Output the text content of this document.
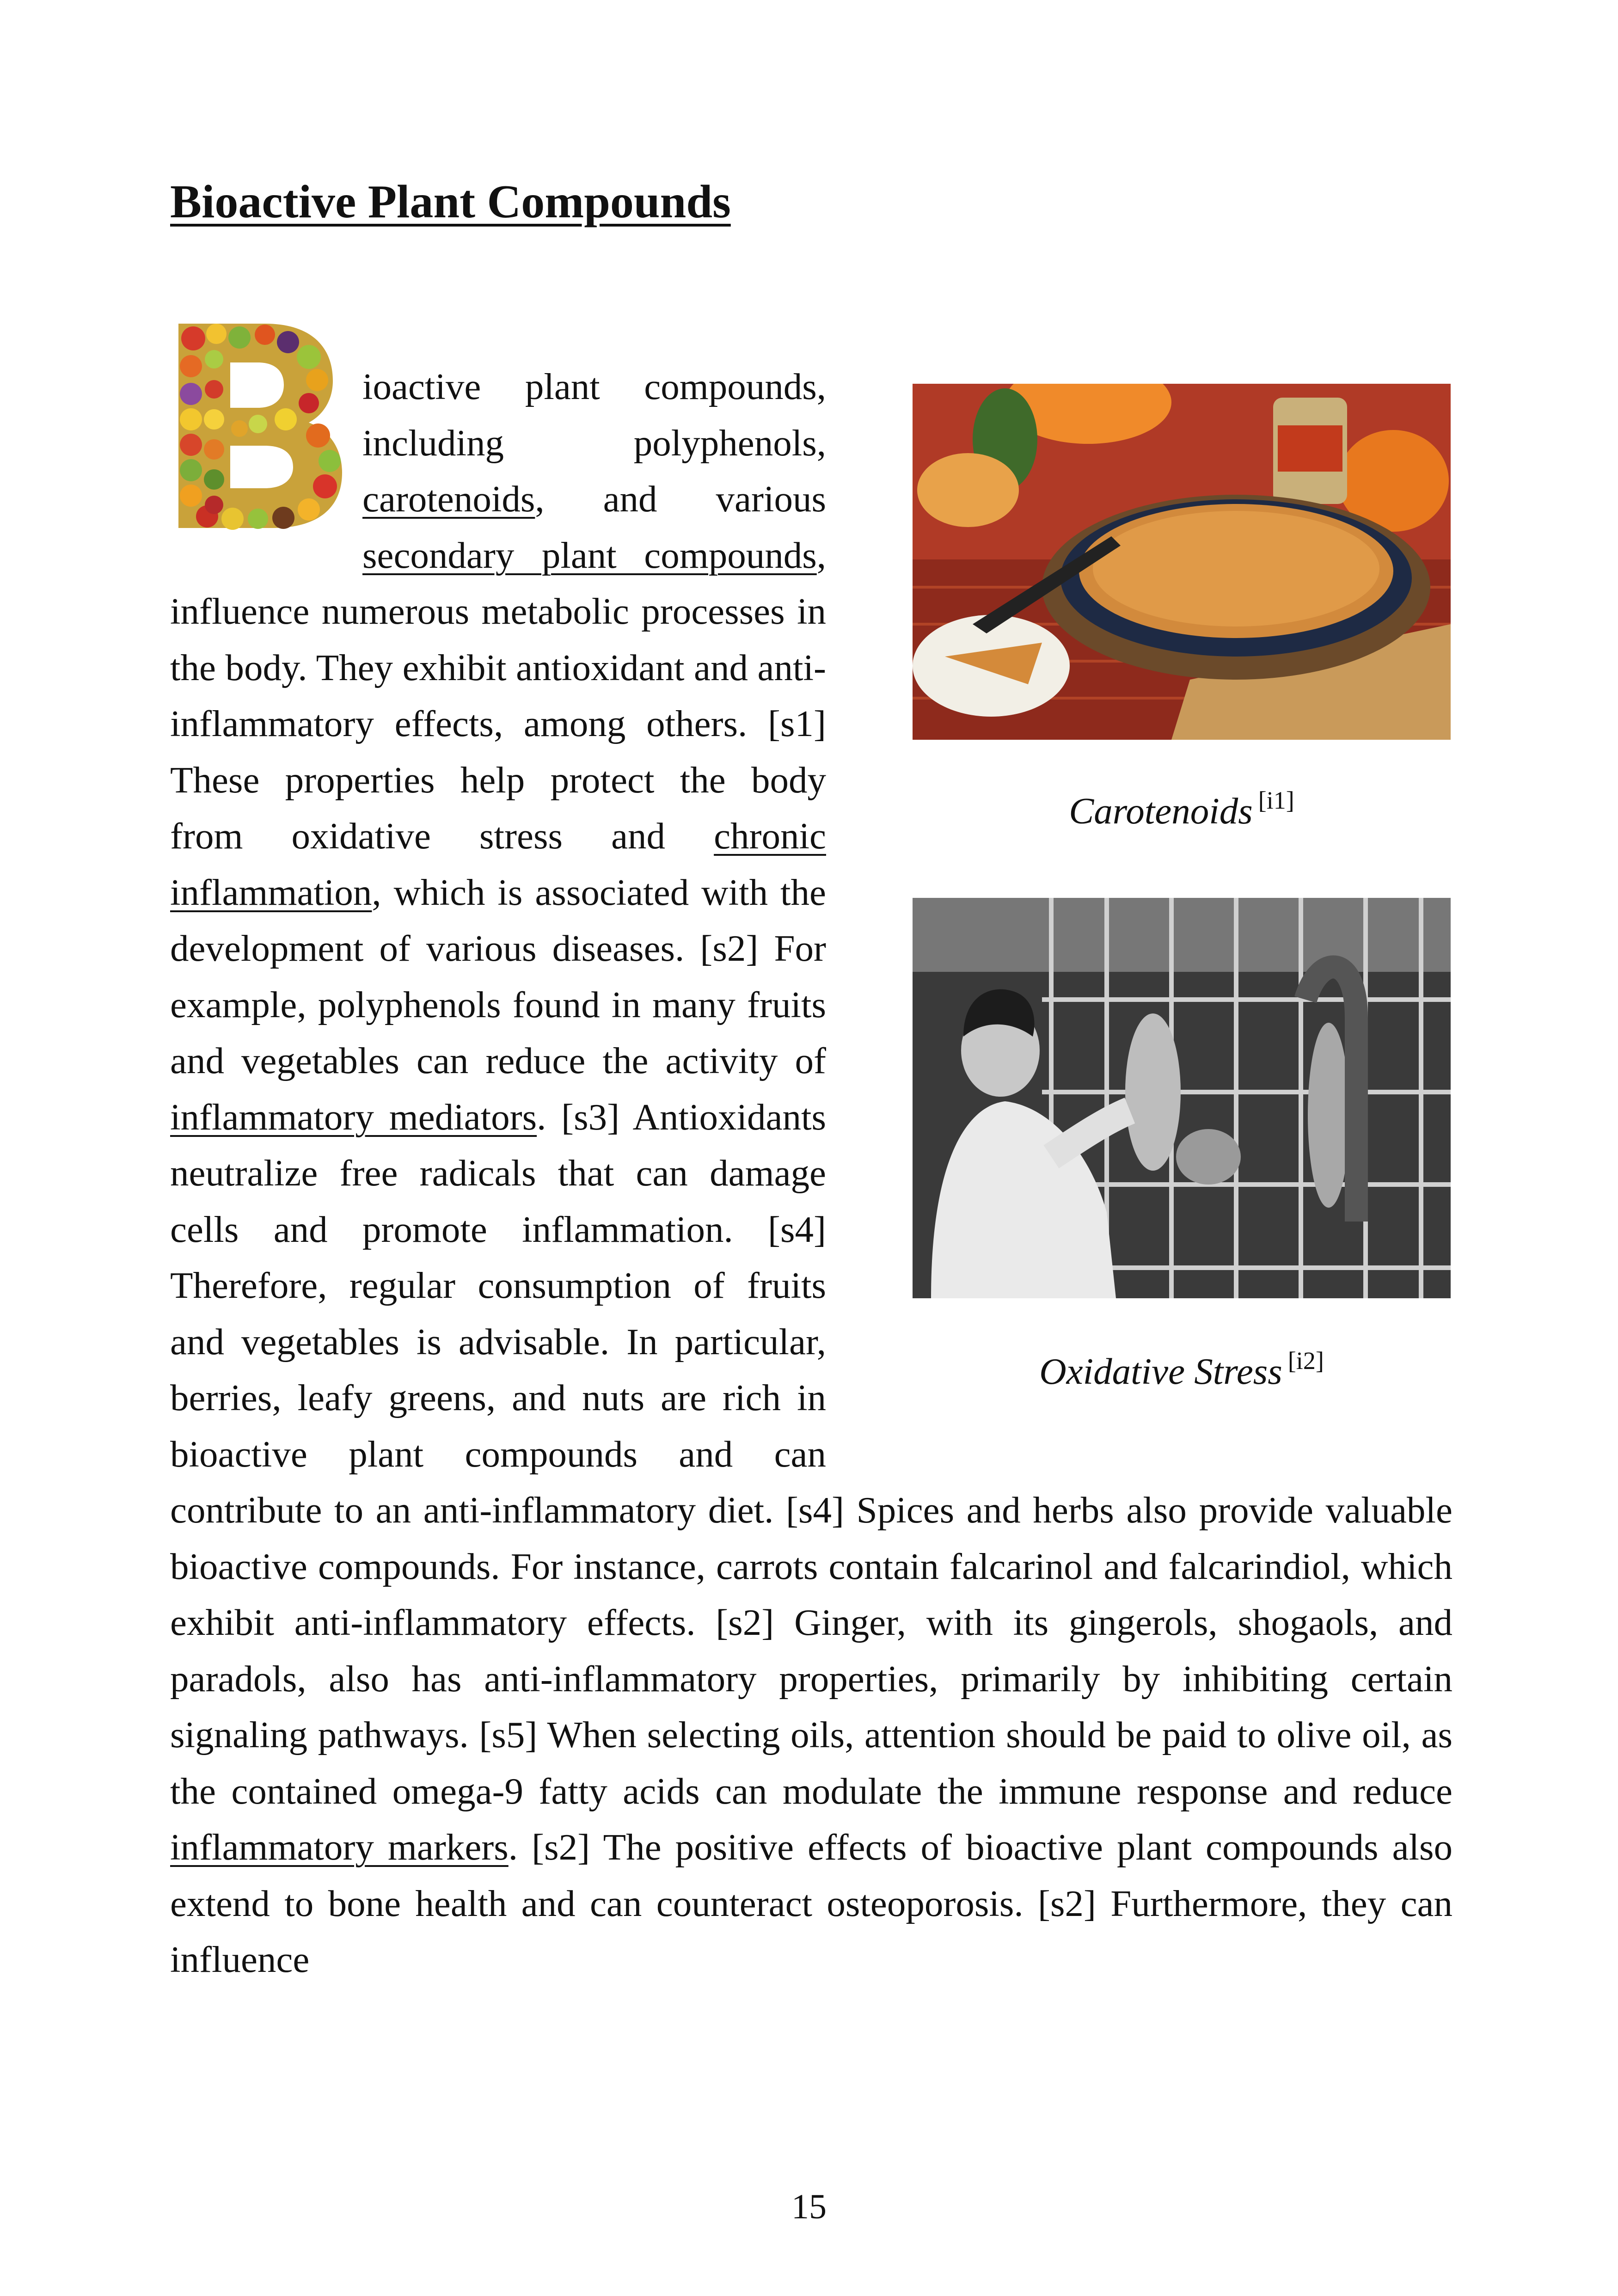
Bioactive Plant Compounds

ioactive plant compounds, including polyphenols, carotenoids, and various secondary plant compounds, influence numerous metabolic processes in the body. They exhibit antioxidant and anti-inflammatory effects, among others. [s1] These properties help protect the body from oxidative stress and chronic inflammation, which is associated with the development of various diseases. [s2] For example, polyphenols found in many fruits and vegetables can reduce the activity of inflammatory mediators. [s3] Antioxidants neutralize free radicals that can damage cells and promote inflammation. [s4] Therefore, regular consumption of fruits and vegetables is advisable. In particular, berries, leafy greens, and nuts are rich in bioactive plant compounds and can contribute to an anti-inflammatory diet. [s4] Spices and herbs also provide valuable bioactive compounds. For instance, carrots contain falcarinol and falcarindiol, which exhibit anti-inflammatory effects. [s2] Ginger, with its gingerols, shogaols, and paradols, also has anti-inflammatory properties, primarily by inhibiting certain signaling pathways. [s5] When selecting oils, attention should be paid to olive oil, as the contained omega-9 fatty acids can modulate the immune response and reduce inflammatory markers. [s2] The positive effects of bioactive plant compounds also extend to bone health and can counteract osteoporosis. [s2] Furthermore, they can influence

Carotenoids [i1]
Oxidative Stress [i2]
15
